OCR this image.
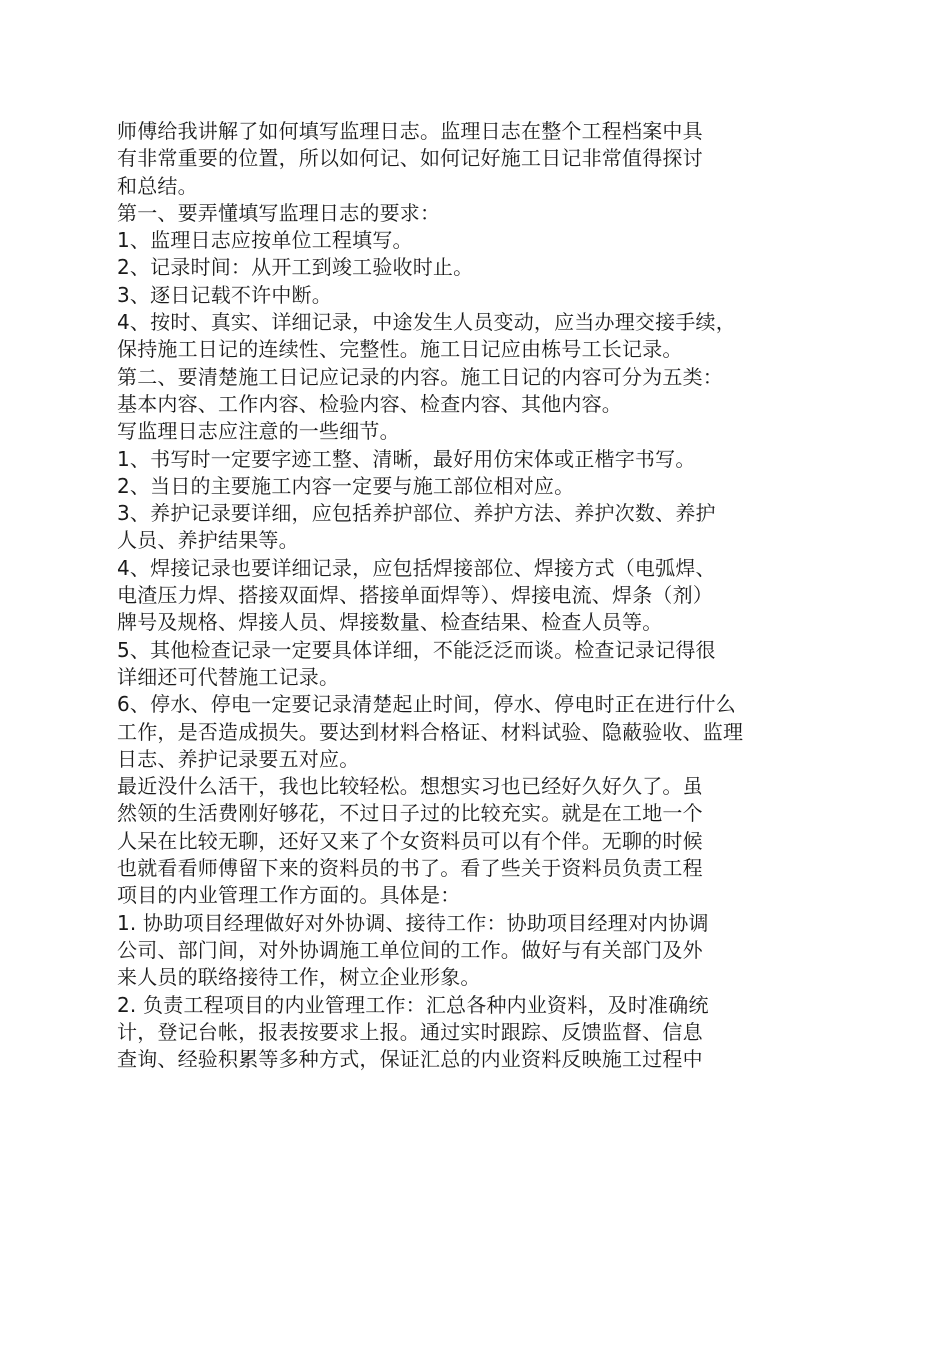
师傅给我讲解了如何填写监理日志。监理日志在整个工程档案中具
有非常重要的位置，所以如何记、如何记好施工日记非常值得探讨
和总结。
第一、要弄懂填写监理日志的要求：
1、监理日志应按单位工程填写。
2、记录时间：从开工到竣工验收时止。
3、逐日记载不许中断。
4、按时、真实、详细记录，中途发生人员变动，应当办理交接手续，
保持施工日记的连续性、完整性。施工日记应由栋号工长记录。
第二、要清楚施工日记应记录的内容。施工日记的内容可分为五类：
基本内容、工作内容、检验内容、检查内容、其他内容。
写监理日志应注意的一些细节。
1、书写时一定要字迹工整、清晰，最好用仿宋体或正楷字书写。
2、当日的主要施工内容一定要与施工部位相对应。
3、养护记录要详细，应包括养护部位、养护方法、养护次数、养护
人员、养护结果等。
4、焊接记录也要详细记录，应包括焊接部位、焊接方式（电弧焊、
电渣压力焊、搭接双面焊、搭接单面焊等）、焊接电流、焊条（剂）
牌号及规格、焊接人员、焊接数量、检查结果、检查人员等。
5、其他检查记录一定要具体详细，不能泛泛而谈。检查记录记得很
详细还可代替施工记录。
6、停水、停电一定要记录清楚起止时间，停水、停电时正在进行什么
工作，是否造成损失。要达到材料合格证、材料试验、隐蔽验收、监理
日志、养护记录要五对应。
最近没什么活干，我也比较轻松。想想实习也已经好久好久了。虽
然领的生活费刚好够花，不过日子过的比较充实。就是在工地一个
人呆在比较无聊，还好又来了个女资料员可以有个伴。无聊的时候
也就看看师傅留下来的资料员的书了。看了些关于资料员负责工程
项目的内业管理工作方面的。具体是：
1. 协助项目经理做好对外协调、接待工作：协助项目经理对内协调
公司、部门间，对外协调施工单位间的工作。做好与有关部门及外
来人员的联络接待工作，树立企业形象。
2. 负责工程项目的内业管理工作：汇总各种内业资料，及时准确统
计，登记台帐，报表按要求上报。通过实时跟踪、反馈监督、信息
查询、经验积累等多种方式，保证汇总的内业资料反映施工过程中
